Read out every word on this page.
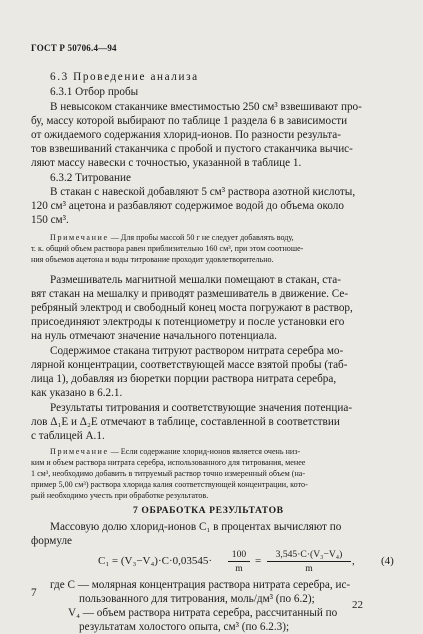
ГОСТ Р 50706.4—94
6.3 Проведение анализа
6.3.1 Отбор пробы
В невысоком стаканчике вместимостью 250 см³ взвешивают про-
бу, массу которой выбирают по таблице 1 раздела 6 в зависимости
от ожидаемого содержания хлорид-ионов. По разности результа-
тов взвешиваний стаканчика с пробой и пустого стаканчика вычис-
ляют массу навески с точностью, указанной в таблице 1.
6.3.2 Титрование
В стакан с навеской добавляют 5 см³ раствора азотной кислоты,
120 см³ ацетона и разбавляют содержимое водой до объема около
150 см³.
Примечание — Для пробы массой 50 г не следует добавлять воду,
т. к. общий объем раствора равен приблизительно 160 см³, при этом соотноше-
ния объемов ацетона и воды титрование проходит удовлетворительно.
Размешиватель магнитной мешалки помещают в стакан, ста-
вят стакан на мешалку и приводят размешиватель в движение. Се-
ребряный электрод и свободный конец моста погружают в раствор,
присоединяют электроды к потенциометру и после установки его
на нуль отмечают значение начального потенциала.
Содержимое стакана титруют раствором нитрата серебра мо-
лярной концентрации, соответствующей массе взятой пробы (таб-
лица 1), добавляя из бюретки порции раствора нитрата серебра,
как указано в 6.2.1.
Результаты титрования и соответствующие значения потенциа-
лов Δ₁E и Δ₂E отмечают в таблице, составленной в соответствии
с таблицей А.1.
Примечание — Если содержание хлорид-ионов является очень низ-
ким и объем раствора нитрата серебра, использованного для титрования, менее
1 см³, необходимо добавить в титруемый раствор точно измеренный объем (на-
пример 5,00 см³) раствора хлорида калия соответствующей концентрации, кото-
рый необходимо учесть при обработке результатов.
7 ОБРАБОТКА РЕЗУЛЬТАТОВ
Массовую долю хлорид-ионов C₁ в процентах вычисляют по
формуле
$C_1 = (V_3-V_4)\cdot C\cdot 0,03545\cdot \frac{100}{m} = \frac{\text{3,545·C·(V₃−V₄)}}{m}$ , (4)
где C — молярная концентрация раствора нитрата серебра, ис-
пользованного для титрования, моль/дм³ (по 6.2);
V₄ — объем раствора нитрата серебра, рассчитанный по
результатам холостого опыта, см³ (по 6.2.3);
7
22
